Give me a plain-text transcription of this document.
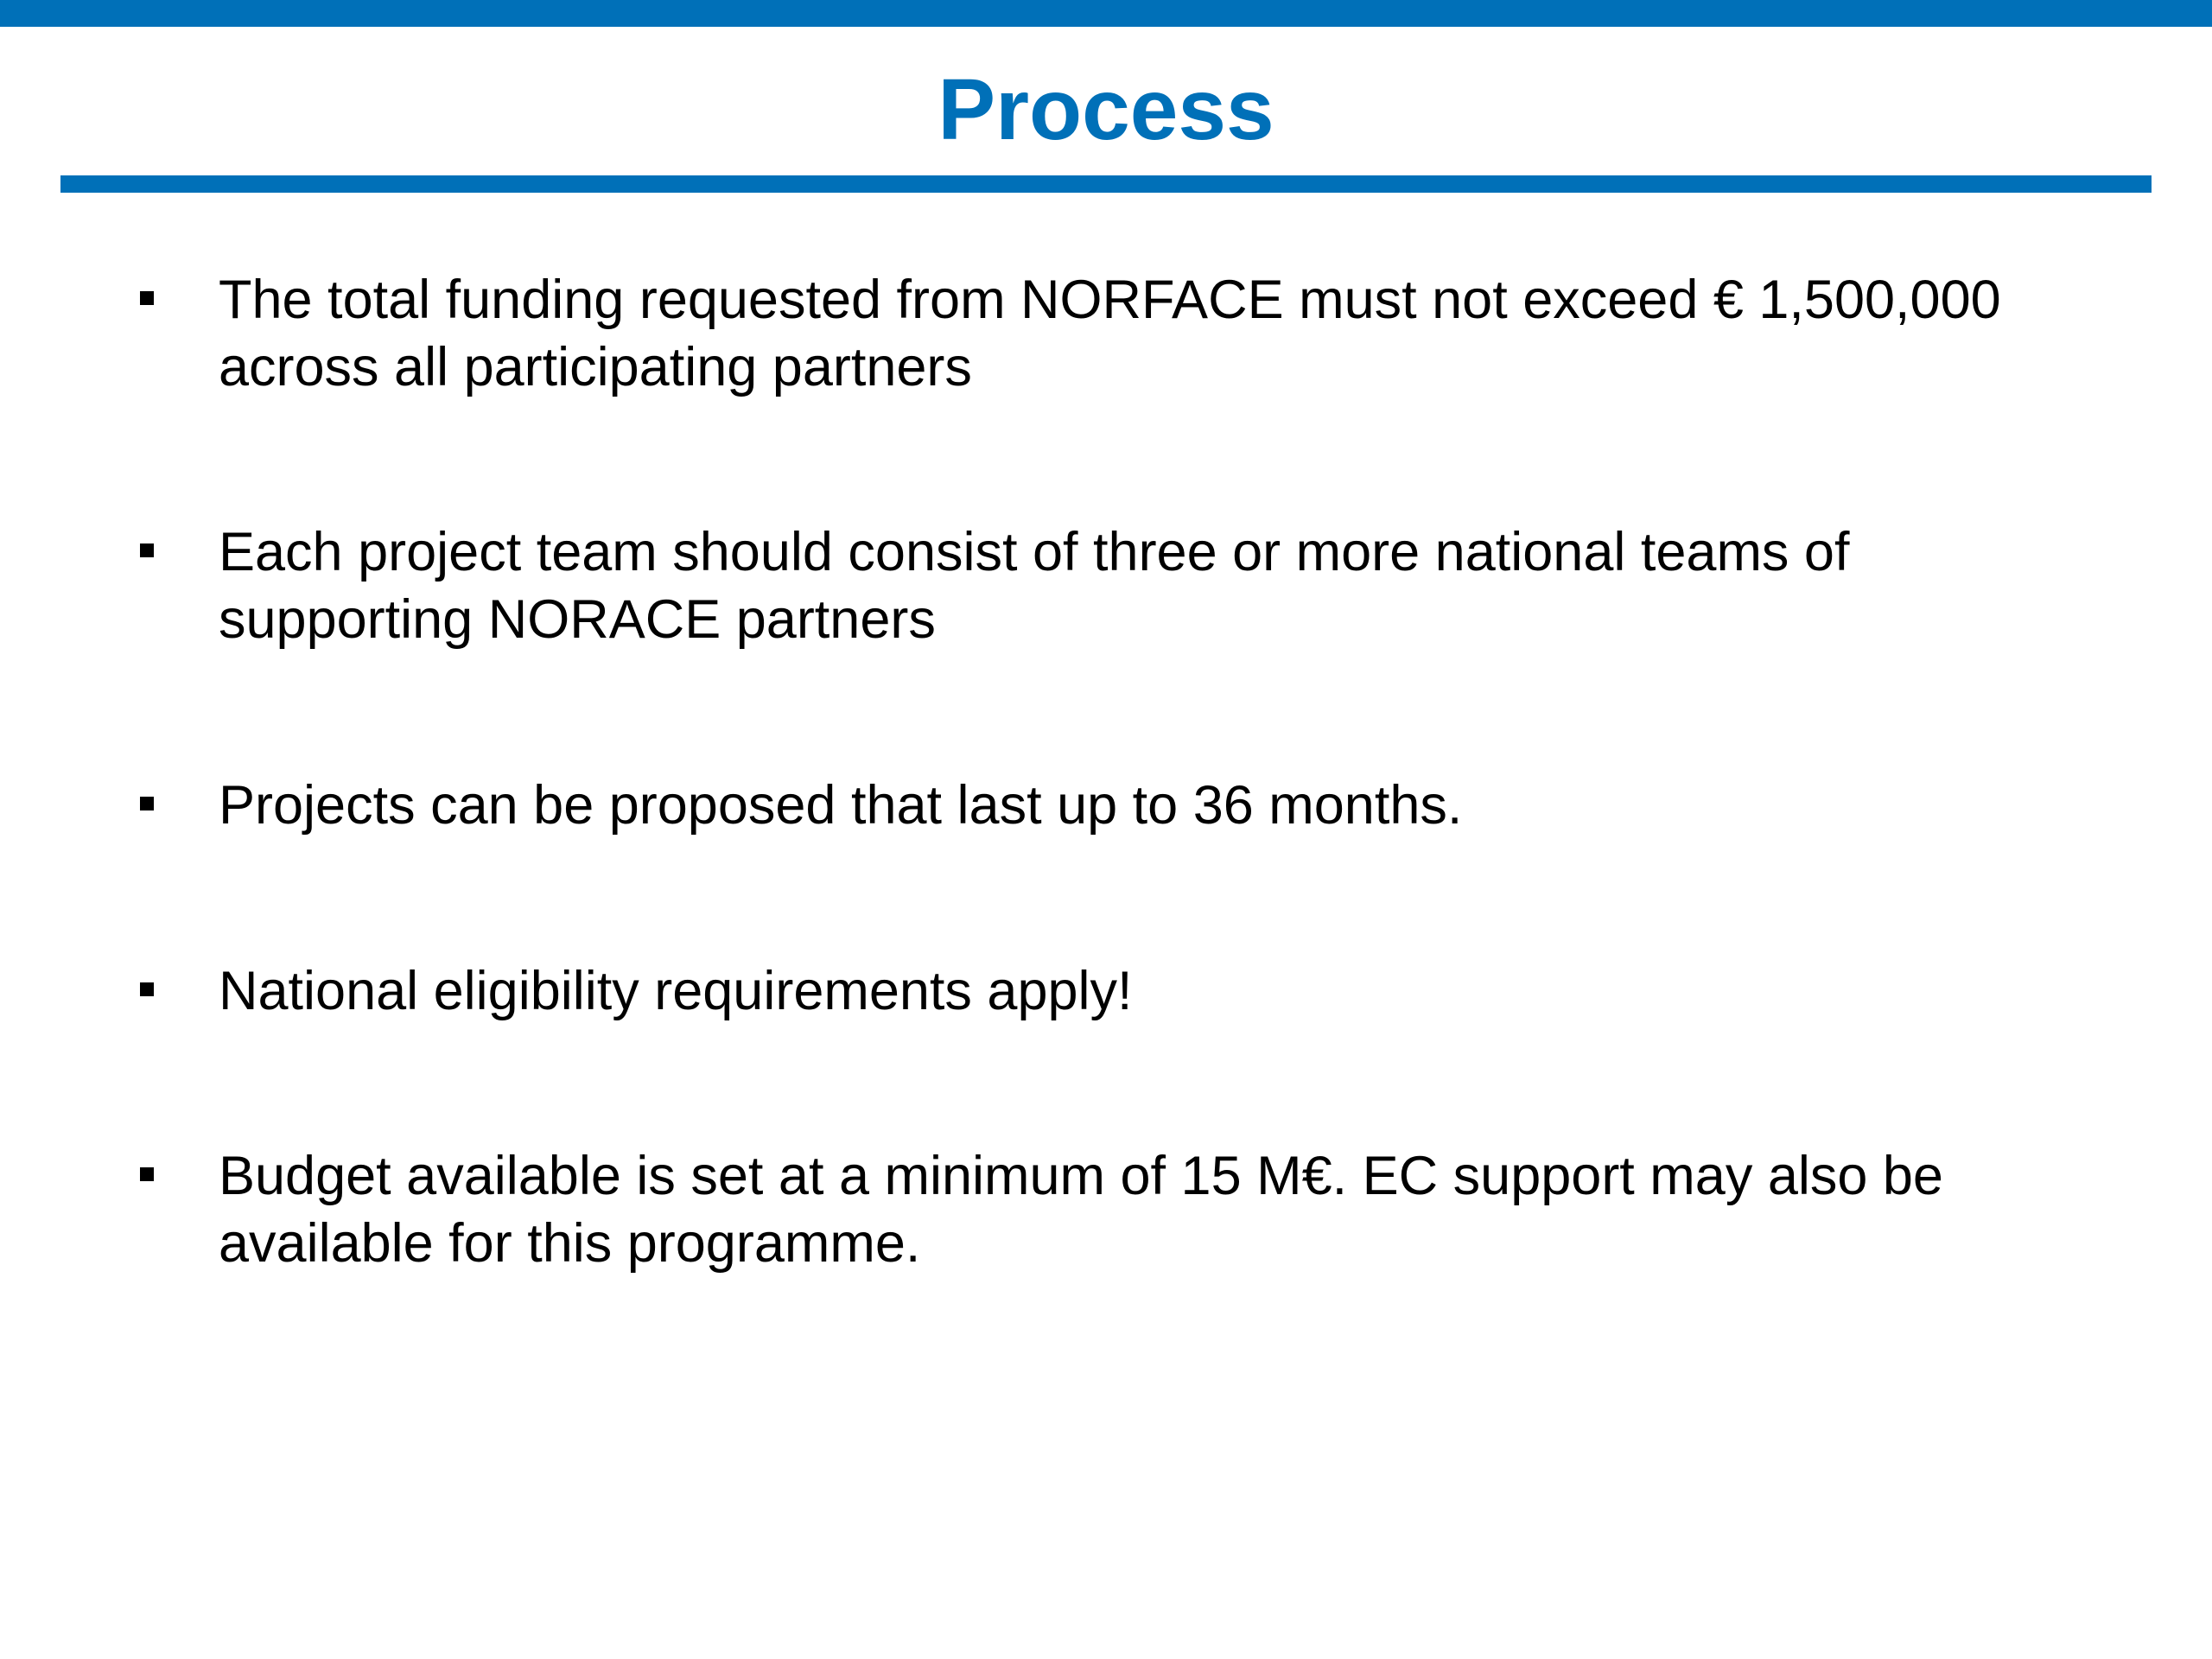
Process
The total funding requested from NORFACE must not exceed € 1,500,000
across all participating partners
Each project team should consist of three or more national teams of
supporting NORACE partners
Projects can be proposed that last up to 36 months.
National eligibility requirements apply!
Budget available is set at a minimum of 15 M€. EC support may also be
available for this programme.
